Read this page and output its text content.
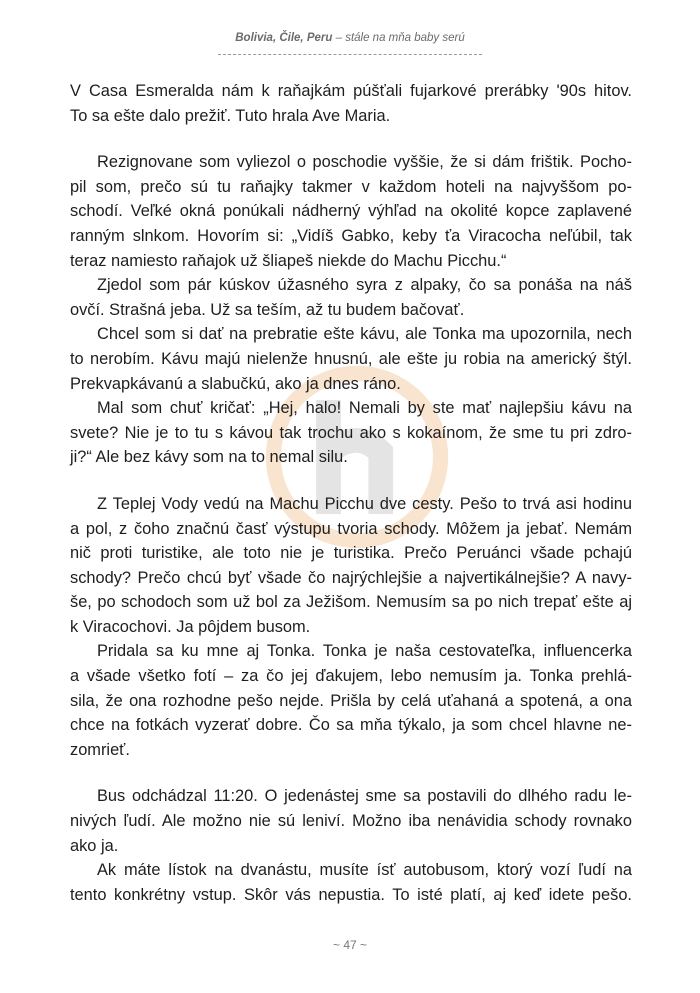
Bolivia, Čile, Peru – stále na mňa baby serú

V Casa Esmeralda nám k raňajkám púšťali fujarkové prerábky '90s hitov.
To sa ešte dalo prežiť. Tuto hrala Ave Maria.

Rezignovane som vyliezol o poschodie vyššie, že si dám frištik. Pocho-
pil som, prečo sú tu raňajky takmer v každom hoteli na najvyššom po-
schodí. Veľké okná ponúkali nádherný výhľad na okolité kopce zaplavené
ranným slnkom. Hovorím si: „Vidíš Gabko, keby ťa Viracocha neľúbil, tak
teraz namiesto raňajok už šliapeš niekde do Machu Picchu.“

Zjedol som pár kúskov úžasného syra z alpaky, čo sa ponáša na náš
ovčí. Strašná jeba. Už sa teším, až tu budem bačovať.

Chcel som si dať na prebratie ešte kávu, ale Tonka ma upozornila, nech
to nerobím. Kávu majú nielenže hnusnú, ale ešte ju robia na americký štýl.
Prekvapkávanú a slabučkú, ako ja dnes ráno.

Mal som chuť kričať: „Hej, halo! Nemali by ste mať najlepšiu kávu na
svete? Nie je to tu s kávou tak trochu ako s kokaínom, že sme tu pri zdro-
ji?“ Ale bez kávy som na to nemal silu.

Z Teplej Vody vedú na Machu Picchu dve cesty. Pešo to trvá asi hodinu
a pol, z čoho značnú časť výstupu tvoria schody. Môžem ja jebať. Nemám
nič proti turistike, ale toto nie je turistika. Prečo Peruánci všade pchajú
schody? Prečo chcú byť všade čo najrýchlejšie a najvertikálnejšie? A navy-
še, po schodoch som už bol za Ježišom. Nemusím sa po nich trepať ešte aj
k Viracochovi. Ja pôjdem busom.

Pridala sa ku mne aj Tonka. Tonka je naša cestovateľka, influencerka
a všade všetko fotí – za čo jej ďakujem, lebo nemusím ja. Tonka prehlá-
sila, že ona rozhodne pešo nejde. Prišla by celá uťahaná a spotená, a ona
chce na fotkách vyzerať dobre. Čo sa mňa týkalo, ja som chcel hlavne ne-
zomrieť.

Bus odchádzal 11:20. O jedenástej sme sa postavili do dlhého radu le-
nivých ľudí. Ale možno nie sú leniví. Možno iba nenávidia schody rovnako
ako ja.

Ak máte lístok na dvanástu, musíte ísť autobusom, ktorý vozí ľudí na
tento konkrétny vstup. Skôr vás nepustia. To isté platí, aj keď idete pešo.

~ 47 ~
